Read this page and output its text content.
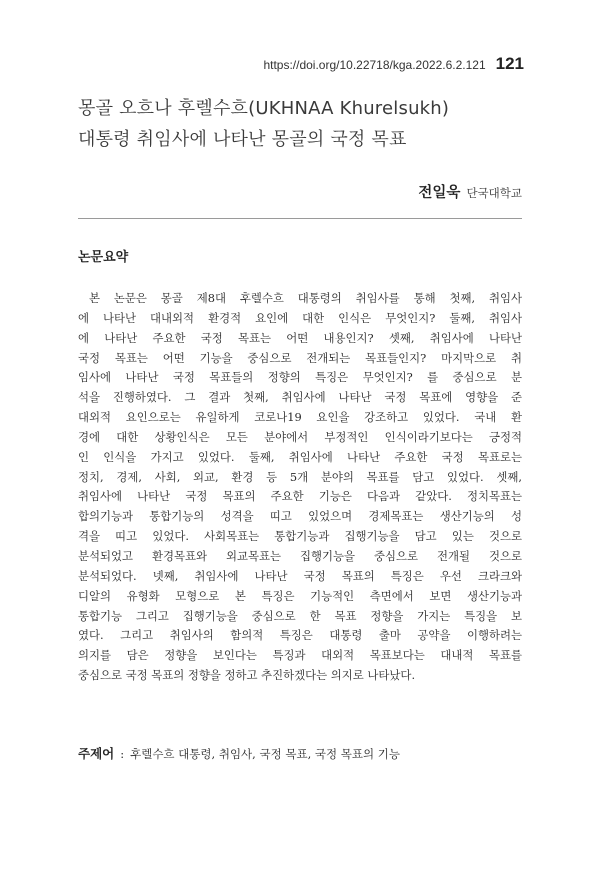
https://doi.org/10.22718/kga.2022.6.2.121 121
몽골 오흐나 후렐수흐(UKHNAA Khurelsukh)
대통령 취임사에 나타난 몽골의 국정 목표
전일욱 단국대학교
논문요약
본 논문은 몽골 제8대 후렐수흐 대통령의 취임사를 통해 첫째, 취임사
에 나타난 대내외적 환경적 요인에 대한 인식은 무엇인지? 둘째, 취임사
에 나타난 주요한 국정 목표는 어떤 내용인지? 셋째, 취임사에 나타난
국정 목표는 어떤 기능을 중심으로 전개되는 목표들인지? 마지막으로 취
임사에 나타난 국정 목표들의 정향의 특징은 무엇인지? 를 중심으로 분
석을 진행하였다. 그 결과 첫째, 취임사에 나타난 국정 목표에 영향을 준
대외적 요인으로는 유일하게 코로나19 요인을 강조하고 있었다. 국내 환
경에 대한 상황인식은 모든 분야에서 부정적인 인식이라기보다는 긍정적
인 인식을 가지고 있었다. 둘째, 취임사에 나타난 주요한 국정 목표로는
정치, 경제, 사회, 외교, 환경 등 5개 분야의 목표를 담고 있었다. 셋째,
취임사에 나타난 국정 목표의 주요한 기능은 다음과 같았다. 정치목표는
합의기능과 통합기능의 성격을 띠고 있었으며 경제목표는 생산기능의 성
격을 띠고 있었다. 사회목표는 통합기능과 집행기능을 담고 있는 것으로
분석되었고 환경목표와 외교목표는 집행기능을 중심으로 전개될 것으로
분석되었다. 넷째, 취임사에 나타난 국정 목표의 특징은 우선 크라크와
디알의 유형화 모형으로 본 특징은 기능적인 측면에서 보면 생산기능과
통합기능 그리고 집행기능을 중심으로 한 목표 정향을 가지는 특징을 보
였다. 그리고 취임사의 함의적 특징은 대통령 출마 공약을 이행하려는
의지를 담은 정향을 보인다는 특징과 대외적 목표보다는 대내적 목표를
중심으로 국정 목표의 정향을 정하고 추진하겠다는 의지로 나타났다.
주제어 : 후렐수흐 대통령, 취임사, 국정 목표, 국정 목표의 기능
